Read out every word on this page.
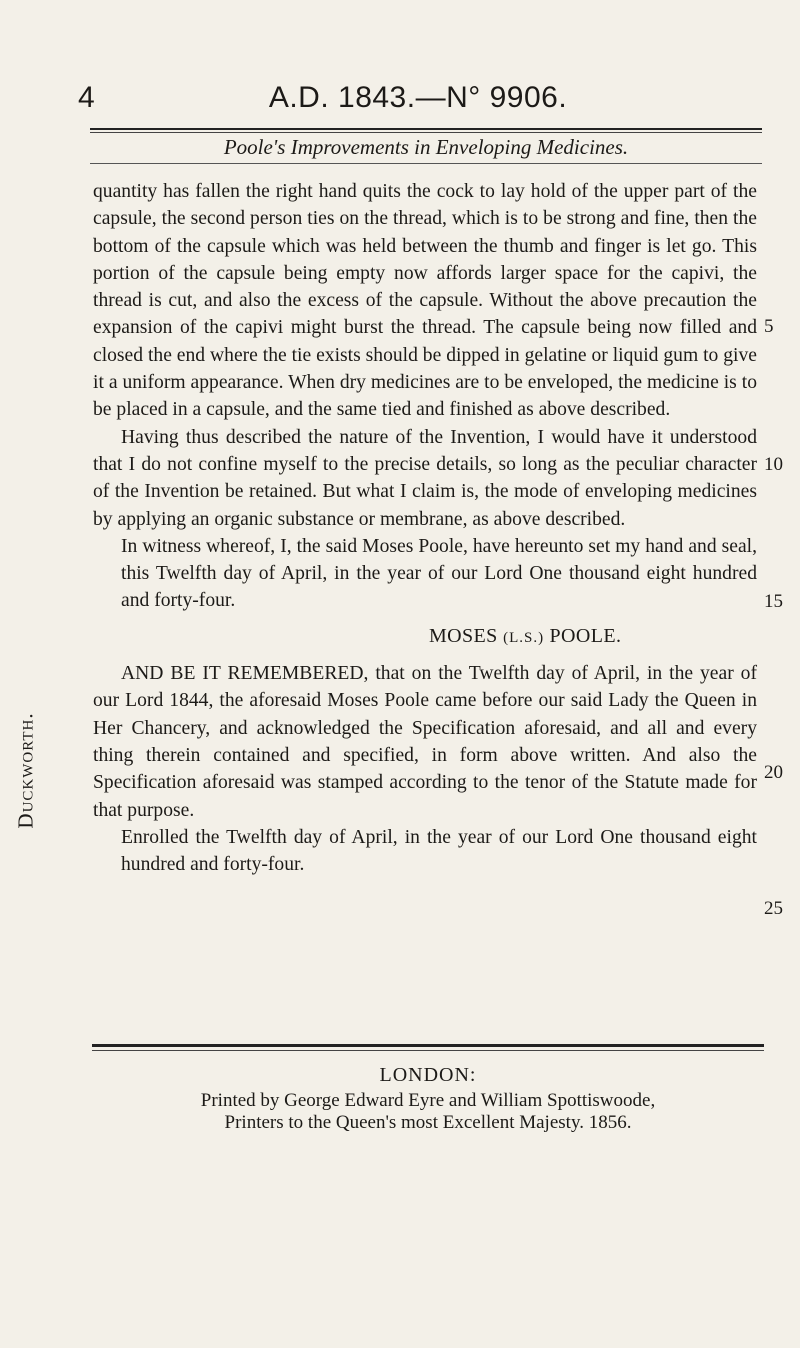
4	A.D. 1843.—N° 9906.
Poole's Improvements in Enveloping Medicines.
Duckworth.

quantity has fallen the right hand quits the cock to lay hold of the upper part of the capsule, the second person ties on the thread, which is to be strong and fine, then the bottom of the capsule which was held between the thumb and finger is let go. This portion of the capsule being empty now affords larger space for the capivi, the thread is cut, and also the excess of the capsule. Without the above precaution the expansion of the capivi might burst the thread. The capsule being now filled and closed the end where the tie exists should be dipped in gelatine or liquid gum to give it a uniform appearance. When dry medicines are to be enveloped, the medicine is to be placed in a capsule, and the same tied and finished as above described.

Having thus described the nature of the Invention, I would have it understood that I do not confine myself to the precise details, so long as the peculiar character of the Invention be retained. But what I claim is, the mode of enveloping medicines by applying an organic substance or membrane, as above described.

In witness whereof, I, the said Moses Poole, have hereunto set my hand and seal, this Twelfth day of April, in the year of our Lord One thousand eight hundred and forty-four.

MOSES (L.S.) POOLE.

AND BE IT REMEMBERED, that on the Twelfth day of April, in the year of our Lord 1844, the aforesaid Moses Poole came before our said Lady the Queen in Her Chancery, and acknowledged the Specification aforesaid, and all and every thing therein contained and specified, in form above written. And also the Specification aforesaid was stamped according to the tenor of the Statute made for that purpose.

Enrolled the Twelfth day of April, in the year of our Lord One thousand eight hundred and forty-four.

5
10
15
20
25
LONDON:
Printed by George Edward Eyre and William Spottiswoode,
Printers to the Queen's most Excellent Majesty. 1856.
